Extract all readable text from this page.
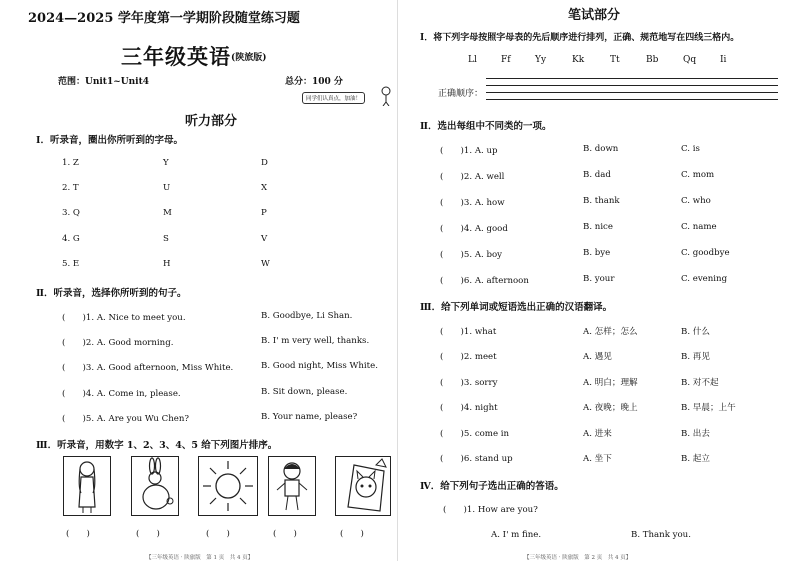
2024—2025 学年度第一学期阶段随堂练习题
三年级英语 (陕旅版)
范围：Unit1~Unit4	总分：100 分
同学们认真点，加油！
听力部分
Ⅰ．听录音，圈出你所听到的字母。
1. Z	Y	D
2. T	U	X
3. Q	M	P
4. G	S	V
5. E	H	W
Ⅱ．听录音，选择你所听到的句子。
(　　)1. A. Nice to meet you.	B. Goodbye, Li Shan.
(　　)2. A. Good morning.	B. I' m very well, thanks.
(　　)3. A. Good afternoon, Miss White.	B. Good night, Miss White.
(　　)4. A. Come in, please.	B. Sit down, please.
(　　)5. A. Are you Wu Chen?	B. Your name, please?
Ⅲ．听录音，用数字 1、2、3、4、5 给下列图片排序。
(　　)	(　　)	(　　)	(　　)	(　　)
【三年级英语 · 陕旅版　第 1 页　共 4 页】
笔试部分
Ⅰ．将下列字母按照字母表的先后顺序进行排列，正确、规范地写在四线三格内。
Ll	Ff	Yy	Kk	Tt	Bb	Qq	Ii
正确顺序：
Ⅱ．选出每组中不同类的一项。
(　　)1. A. up	B. down	C. is
(　　)2. A. well	B. dad	C. mom
(　　)3. A. how	B. thank	C. who
(　　)4. A. good	B. nice	C. name
(　　)5. A. boy	B. bye	C. goodbye
(　　)6. A. afternoon	B. your	C. evening
Ⅲ．给下列单词或短语选出正确的汉语翻译。
(　　)1. what	A. 怎样；怎么	B. 什么
(　　)2. meet	A. 遇见	B. 再见
(　　)3. sorry	A. 明白；理解	B. 对不起
(　　)4. night	A. 夜晚；晚上	B. 早晨；上午
(　　)5. come in	A. 进来	B. 出去
(　　)6. stand up	A. 坐下	B. 起立
Ⅳ．给下列句子选出正确的答语。
(　　)1. How are you?
A. I' m fine.	B. Thank you.
【三年级英语 · 陕旅版　第 2 页　共 4 页】
